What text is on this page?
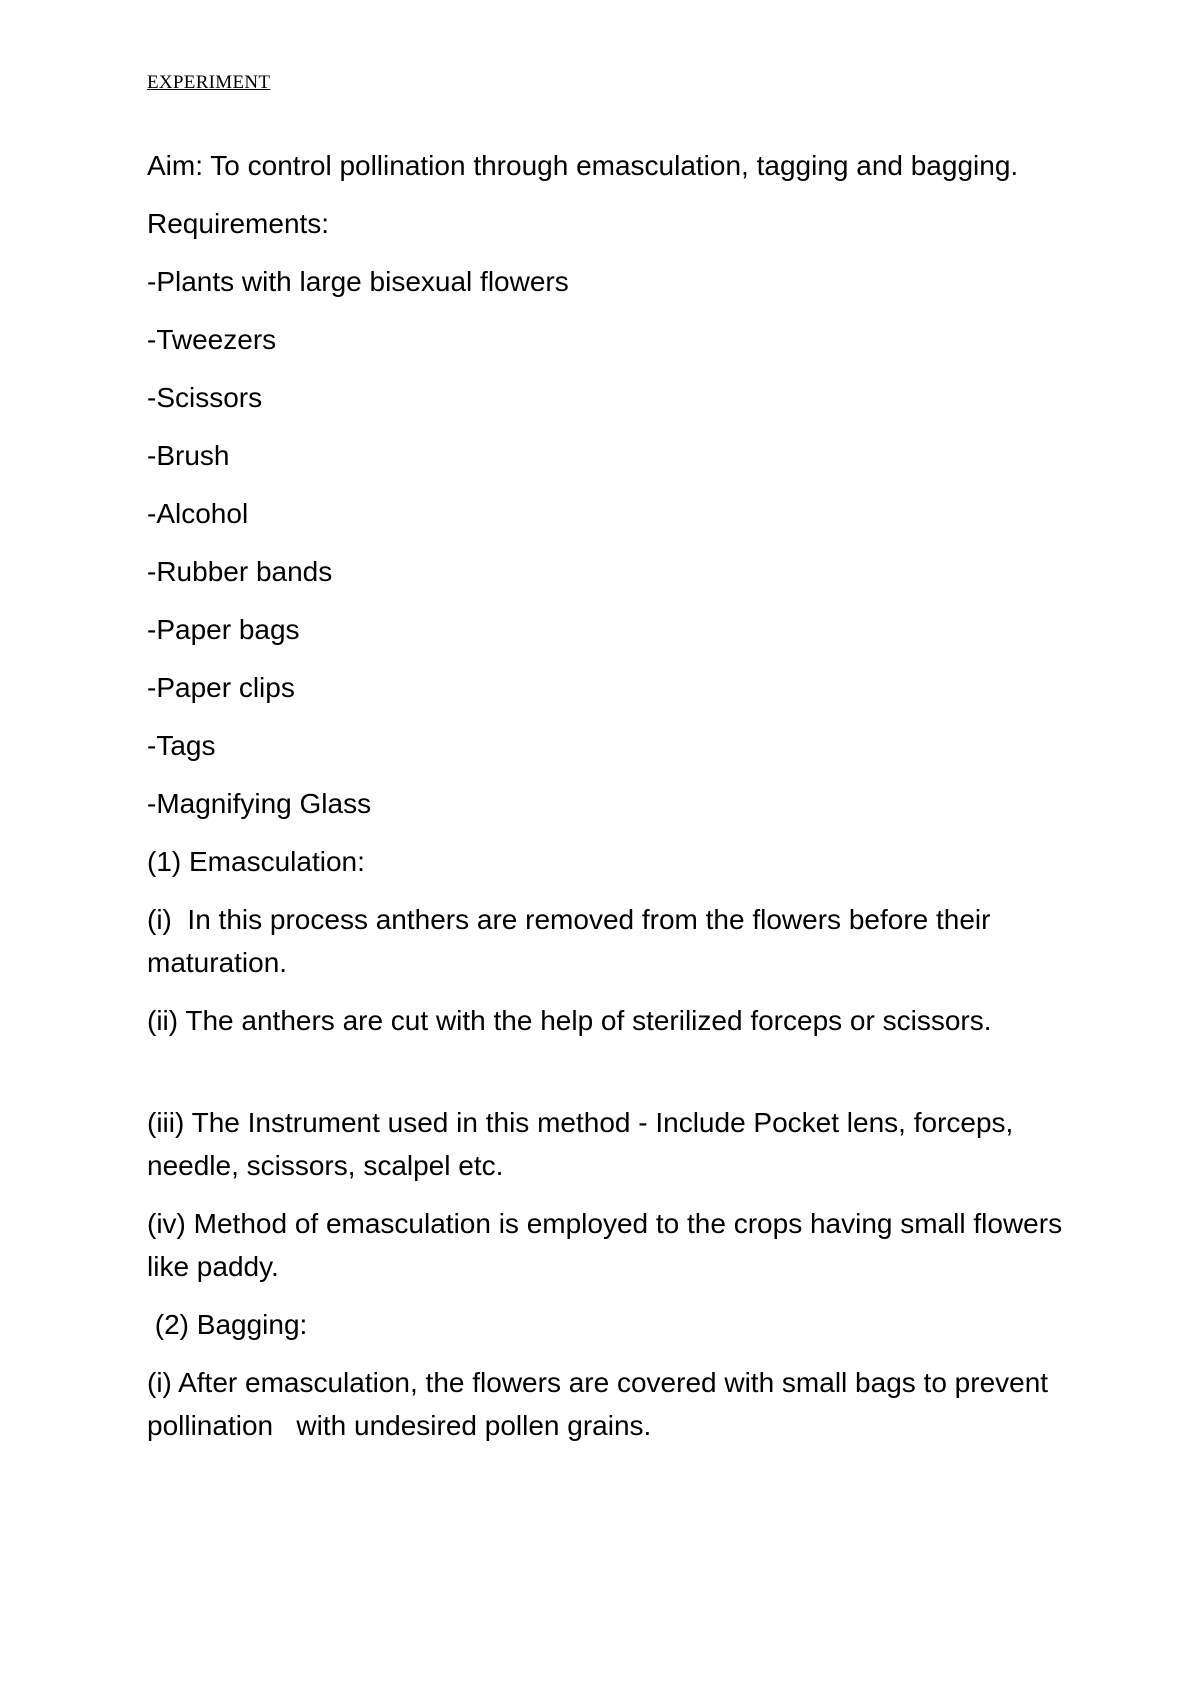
EXPERIMENT

Aim: To control pollination through emasculation, tagging and bagging.

Requirements:

-Plants with large bisexual flowers

-Tweezers

-Scissors

-Brush

-Alcohol

-Rubber bands

-Paper bags

-Paper clips

-Tags

-Magnifying Glass

(1) Emasculation:

(i)  In this process anthers are removed from the flowers before their maturation.

(ii) The anthers are cut with the help of sterilized forceps or scissors.

(iii) The Instrument used in this method - Include Pocket lens, forceps, needle, scissors, scalpel etc.

(iv) Method of emasculation is employed to the crops having small flowers like paddy.

(2) Bagging:

(i) After emasculation, the flowers are covered with small bags to prevent pollination   with undesired pollen grains.
